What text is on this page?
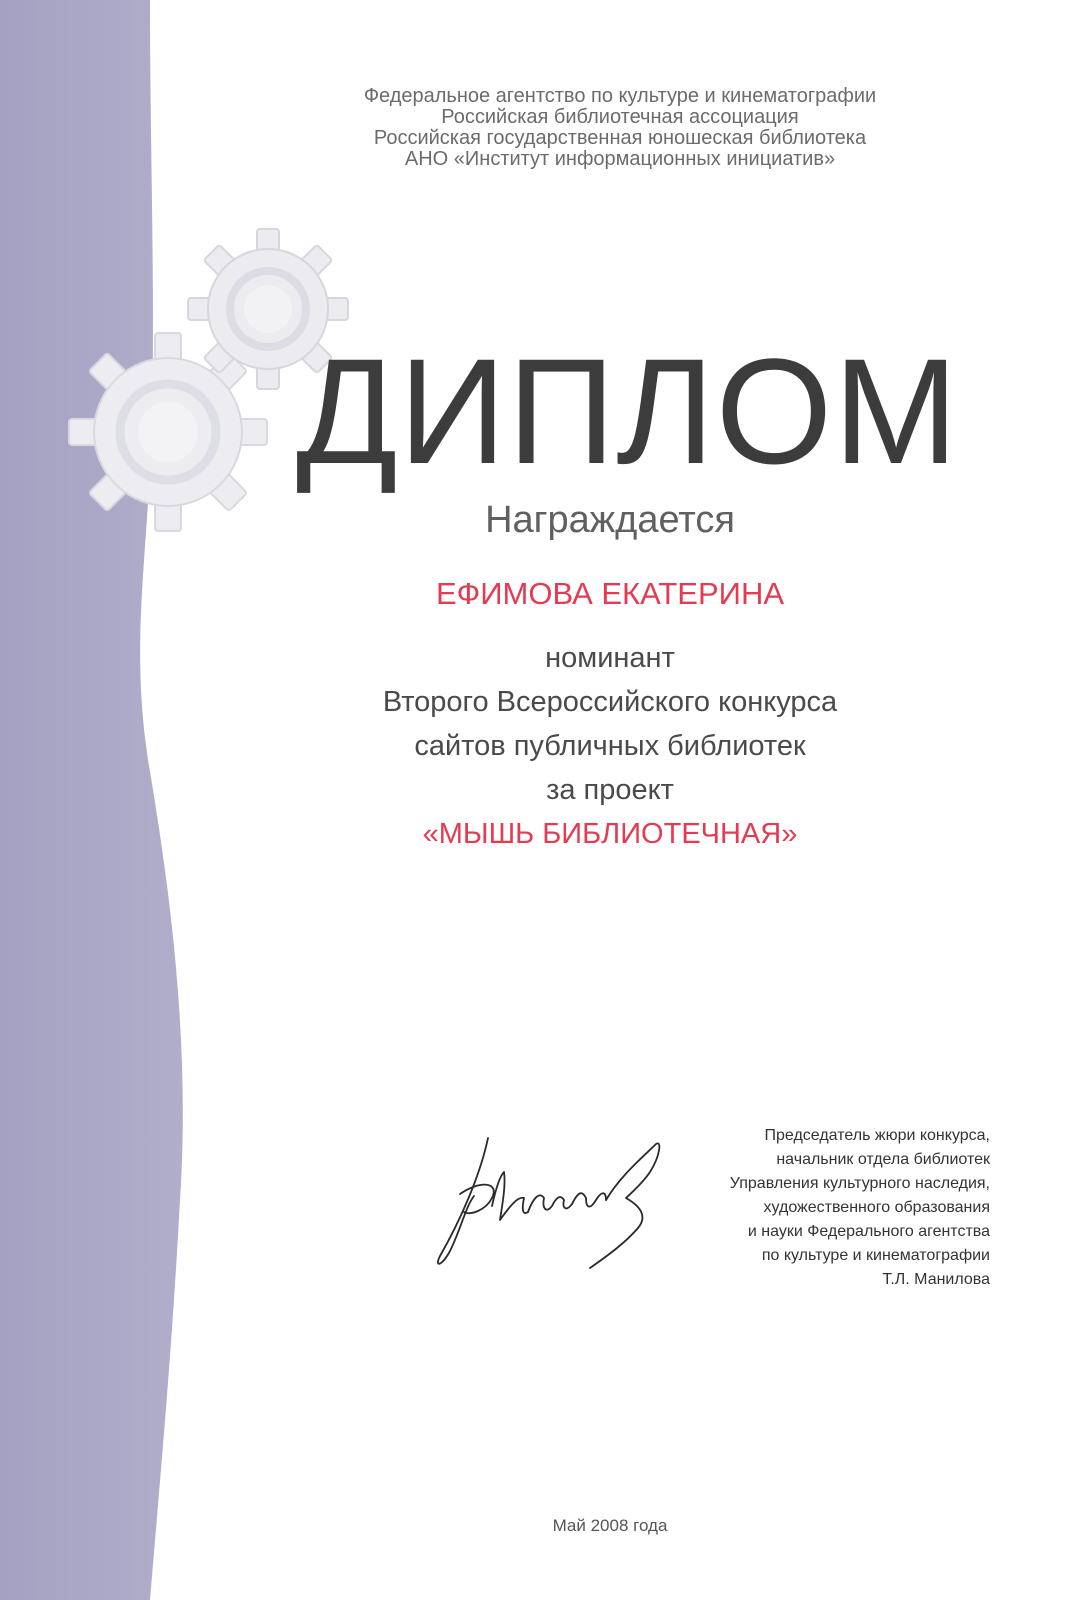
Федеральное агентство по культуре и кинематографии
Российская библиотечная ассоциация
Российская государственная юношеская библиотека
АНО «Институт информационных инициатив»
ДИПЛОМ
Награждается
ЕФИМОВА ЕКАТЕРИНА
номинант
Второго Всероссийского конкурса
сайтов публичных библиотек
за проект
«МЫШЬ БИБЛИОТЕЧНАЯ»
Председатель жюри конкурса,
начальник отдела библиотек
Управления культурного наследия,
художественного образования
и науки Федерального агентства
по культуре и кинематографии
Т.Л. Манилова
Май 2008 года
